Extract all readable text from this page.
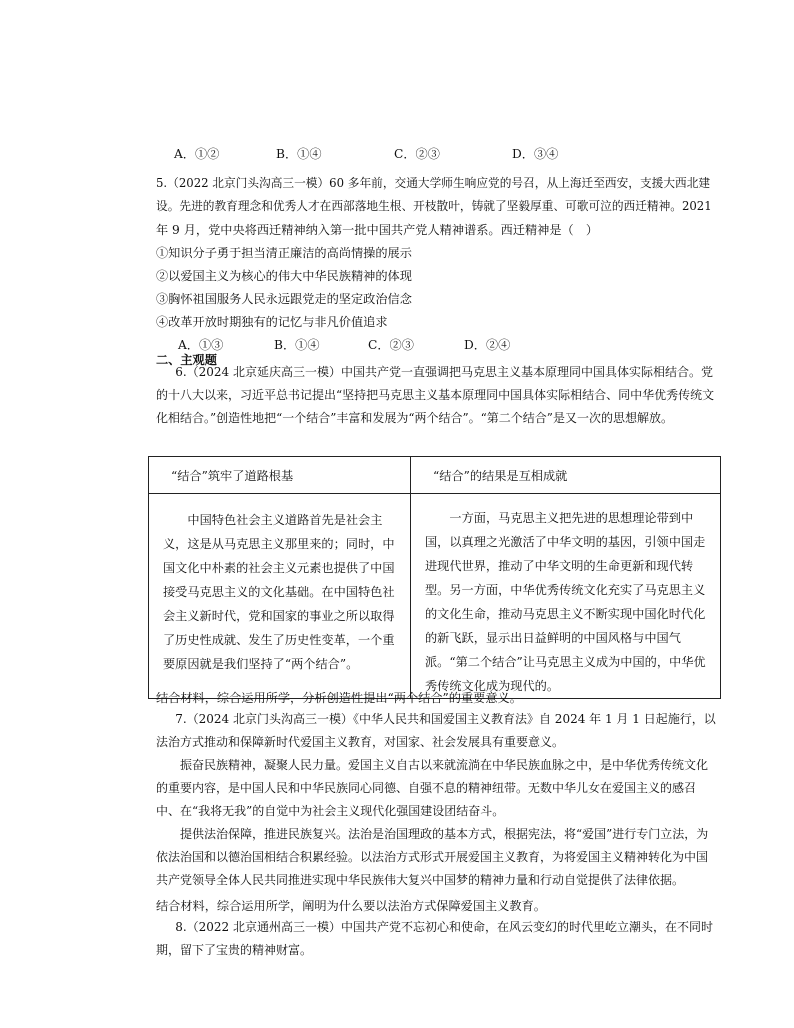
A．①②	B．①④	C．②③	D．③④
5.（2022 北京门头沟高三一模）60 多年前，交通大学师生响应党的号召，从上海迁至西安，支援大西北建
设。先进的教育理念和优秀人才在西部落地生根、开枝散叶，铸就了坚毅厚重、可歌可泣的西迁精神。2021
年 9 月，党中央将西迁精神纳入第一批中国共产党人精神谱系。西迁精神是（　）
①知识分子勇于担当清正廉洁的高尚情操的展示
②以爱国主义为核心的伟大中华民族精神的体现
③胸怀祖国服务人民永远跟党走的坚定政治信念
④改革开放时期独有的记忆与非凡价值追求
A．①③	B．①④	C．②③	D．②④
二、主观题
6.（2024 北京延庆高三一模）中国共产党一直强调把马克思主义基本原理同中国具体实际相结合。党的十八大以来，习近平总书记提出“坚持把马克思主义基本原理同中国具体实际相结合、同中华优秀传统文化相结合。”创造性地把“一个结合”丰富和发展为“两个结合”。“第二个结合”是又一次的思想解放。
“结合”筑牢了道路根基	“结合”的结果是互相成就
中国特色社会主义道路首先是社会主义，这是从马克思主义那里来的；同时，中国文化中朴素的社会主义元素也提供了中国接受马克思主义的文化基础。在中国特色社会主义新时代，党和国家的事业之所以取得了历史性成就、发生了历史性变革，一个重要原因就是我们坚持了“两个结合”。	一方面，马克思主义把先进的思想理论带到中国，以真理之光激活了中华文明的基因，引领中国走进现代世界，推动了中华文明的生命更新和现代转型。另一方面，中华优秀传统文化充实了马克思主义的文化生命，推动马克思主义不断实现中国化时代化的新飞跃，显示出日益鲜明的中国风格与中国气派。“第二个结合”让马克思主义成为中国的，中华优秀传统文化成为现代的。
结合材料，综合运用所学，分析创造性提出“两个结合”的重要意义。
7.（2024 北京门头沟高三一模）《中华人民共和国爱国主义教育法》自 2024 年 1 月 1 日起施行，以法治方式推动和保障新时代爱国主义教育，对国家、社会发展具有重要意义。
振奋民族精神，凝聚人民力量。爱国主义自古以来就流淌在中华民族血脉之中，是中华优秀传统文化的重要内容，是中国人民和中华民族同心同德、自强不息的精神纽带。无数中华儿女在爱国主义的感召中、在“我将无我”的自觉中为社会主义现代化强国建设团结奋斗。
提供法治保障，推进民族复兴。法治是治国理政的基本方式，根据宪法，将“爱国”进行专门立法，为依法治国和以德治国相结合积累经验。以法治方式形式开展爱国主义教育，为将爱国主义精神转化为中国共产党领导全体人民共同推进实现中华民族伟大复兴中国梦的精神力量和行动自觉提供了法律依据。
结合材料，综合运用所学，阐明为什么要以法治方式保障爱国主义教育。
8.（2022 北京通州高三一模）中国共产党不忘初心和使命，在风云变幻的时代里屹立潮头，在不同时期，留下了宝贵的精神财富。
